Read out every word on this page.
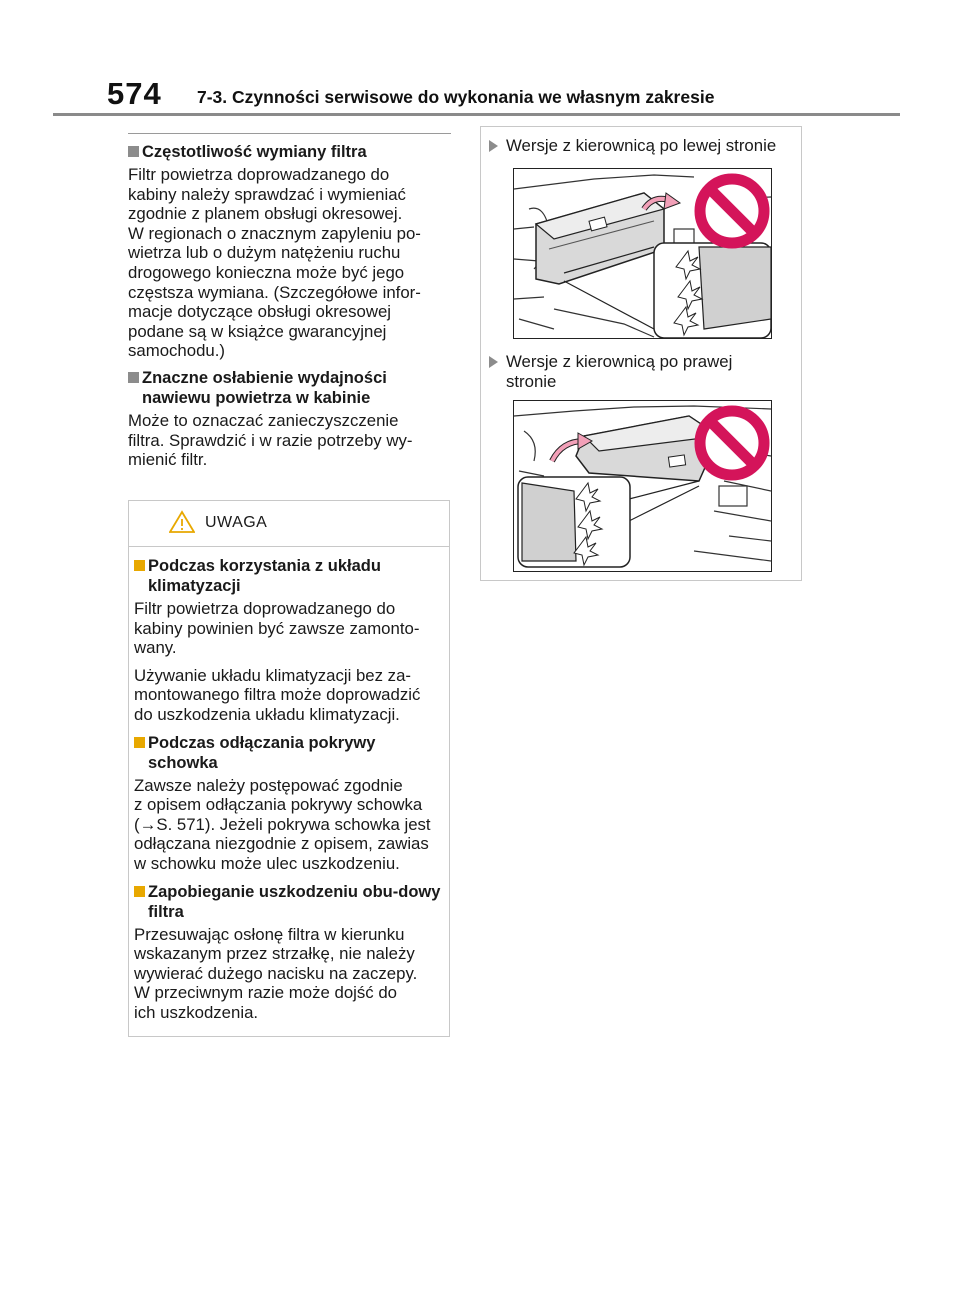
574 7-3. Czynności serwisowe do wykonania we własnym zakresie
Częstotliwość wymiany filtra

Filtr powietrza doprowadzanego do
kabiny należy sprawdzać i wymieniać
zgodnie z planem obsługi okresowej.
W regionach o znacznym zapyleniu po-
wietrza lub o dużym natężeniu ruchu
drogowego konieczna może być jego
częstsza wymiana. (Szczegółowe infor-
macje dotyczące obsługi okresowej
podane są w książce gwarancyjnej
samochodu.)

Znaczne osłabienie wydajności nawiewu powietrza w kabinie

Może to oznaczać zanieczyszczenie
filtra. Sprawdzić i w razie potrzeby wy-
mienić filtr.

UWAGA
Podczas korzystania z układu klimatyzacji

Filtr powietrza doprowadzanego do
kabiny powinien być zawsze zamonto-
wany.

Używanie układu klimatyzacji bez za-
montowanego filtra może doprowadzić
do uszkodzenia układu klimatyzacji.

Podczas odłączania pokrywy schowka

Zawsze należy postępować zgodnie
z opisem odłączania pokrywy schowka
(→S. 571). Jeżeli pokrywa schowka jest
odłączana niezgodnie z opisem, zawias
w schowku może ulec uszkodzeniu.

Zapobieganie uszkodzeniu obu-dowy filtra

Przesuwając osłonę filtra w kierunku
wskazanym przez strzałkę, nie należy
wywierać dużego nacisku na zaczepy.
W przeciwnym razie może dojść do
ich uszkodzenia.

Wersje z kierownicą po lewej stronie
Wersje z kierownicą po prawej
stronie
